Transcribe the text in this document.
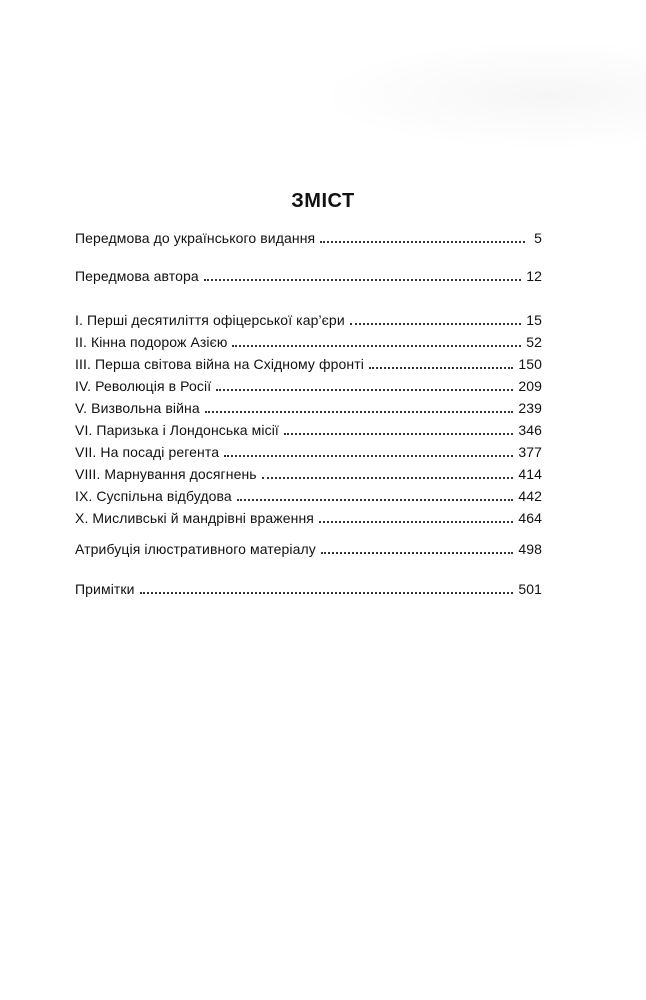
ЗМІСТ
Передмова до українського видання	5
Передмова автора	12
I. Перші десятиліття офіцерської кар’єри	15
II. Кінна подорож Азією	52
III. Перша світова війна на Східному фронті	150
IV. Революція в Росії	209
V. Визвольна війна	239
VI. Паризька і Лондонська місії	346
VII. На посаді регента	377
VIII. Марнування досягнень	414
IX. Суспільна відбудова	442
X. Мисливські й мандрівні враження	464
Атрибуція ілюстративного матеріалу	498
Примітки	501
